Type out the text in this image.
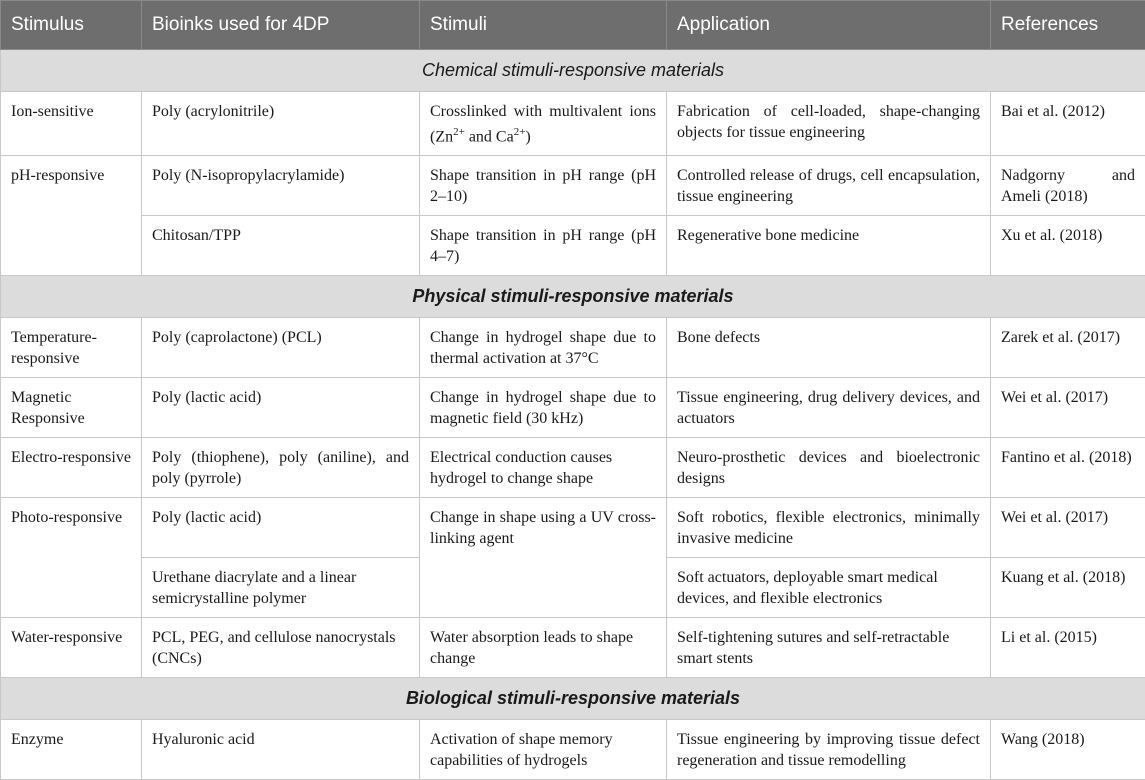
Stimulus	Bioinks used for 4DP	Stimuli	Application	References
Chemical stimuli-responsive materials				
Ion-sensitive	Poly (acrylonitrile)	Crosslinked with multivalent ions ($Zn^{2+}$ and $Ca^{2+}$)	Fabrication of cell-loaded, shape-changing objects for tissue engineering	Bai et al. (2012)
pH-responsive	Poly (N-isopropylacrylamide)	Shape transition in pH range (pH 2–10)	Controlled release of drugs, cell encapsulation, tissue engineering	Nadgorny and Ameli (2018)
	Chitosan/TPP	Shape transition in pH range (pH 4–7)	Regenerative bone medicine	Xu et al. (2018)
Physical stimuli-responsive materials				
Temperature-responsive	Poly (caprolactone) (PCL)	Change in hydrogel shape due to thermal activation at 37°C	Bone defects	Zarek et al. (2017)
Magnetic Responsive	Poly (lactic acid)	Change in hydrogel shape due to magnetic field (30 kHz)	Tissue engineering, drug delivery devices, and actuators	Wei et al. (2017)
Electro-responsive	Poly (thiophene), poly (aniline), and poly (pyrrole)	Electrical conduction causes hydrogel to change shape	Neuro-prosthetic devices and bioelectronic designs	Fantino et al. (2018)
Photo-responsive	Poly (lactic acid)	Change in shape using a UV cross-linking agent	Soft robotics, flexible electronics, minimally invasive medicine	Wei et al. (2017)
	Urethane diacrylate and a linear semicrystalline polymer		Soft actuators, deployable smart medical devices, and flexible electronics	Kuang et al. (2018)
Water-responsive	PCL, PEG, and cellulose nanocrystals (CNCs)	Water absorption leads to shape change	Self-tightening sutures and self-retractable smart stents	Li et al. (2015)
Biological stimuli-responsive materials				
Enzyme	Hyaluronic acid	Activation of shape memory capabilities of hydrogels	Tissue engineering by improving tissue defect regeneration and tissue remodelling	Wang (2018)
